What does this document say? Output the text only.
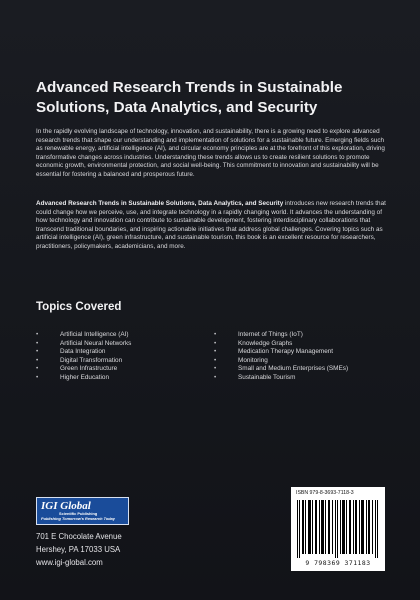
Advanced Research Trends in Sustainable Solutions, Data Analytics, and Security

In the rapidly evolving landscape of technology, innovation, and sustainability, there is a growing need to explore advanced research trends that shape our understanding and implementation of solutions for a sustainable future. Emerging fields such as renewable energy, artificial intelligence (AI), and circular economy principles are at the forefront of this exploration, driving transformative changes across industries. Understanding these trends allows us to create resilient solutions to promote economic growth, environmental protection, and social well-being. This commitment to innovation and sustainability will be essential for fostering a balanced and prosperous future.

Advanced Research Trends in Sustainable Solutions, Data Analytics, and Security introduces new research trends that could change how we perceive, use, and integrate technology in a rapidly changing world. It advances the understanding of how technology and innovation can contribute to sustainable development, fostering interdisciplinary collaborations that transcend traditional boundaries, and inspiring actionable initiatives that address global challenges. Covering topics such as artificial intelligence (AI), green infrastructure, and sustainable tourism, this book is an excellent resource for researchers, practitioners, policymakers, academicians, and more.

Topics Covered
•	Artificial Intelligence (AI)
•	Artificial Neural Networks
•	Data Integration
•	Digital Transformation
•	Green Infrastructure
•	Higher Education
•	Internet of Things (IoT)
•	Knowledge Graphs
•	Medication Therapy Management
•	Monitoring
•	Small and Medium Enterprises (SMEs)
•	Sustainable Tourism
IGI Global
Scientific Publishing
Publishing Tomorrow's Research Today
701 E Chocolate Avenue
Hershey, PA 17033 USA
www.igi-global.com
ISBN 979-8-3693-7118-3
9 798369 371183
